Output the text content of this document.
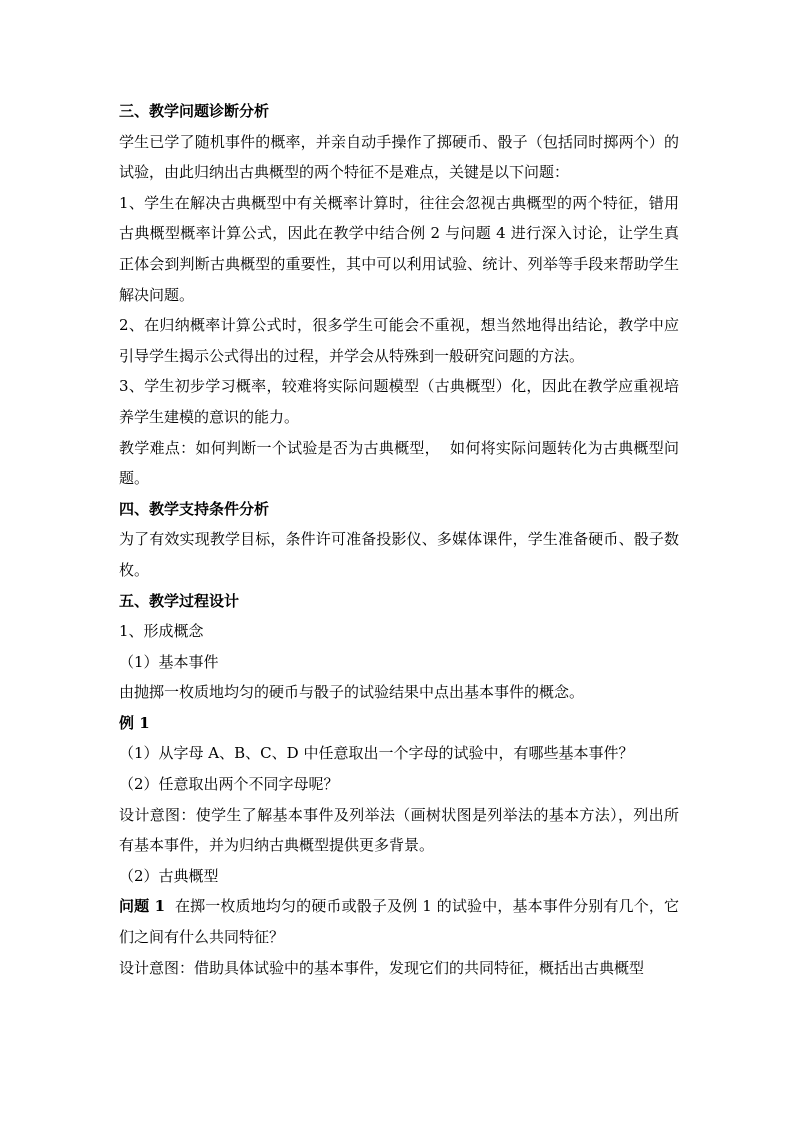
三、教学问题诊断分析

学生已学了随机事件的概率，并亲自动手操作了掷硬币、骰子（包括同时掷两个）的试验，由此归纳出古典概型的两个特征不是难点，关键是以下问题：

1、学生在解决古典概型中有关概率计算时，往往会忽视古典概型的两个特征，错用古典概型概率计算公式，因此在教学中结合例 2 与问题 4 进行深入讨论，让学生真正体会到判断古典概型的重要性，其中可以利用试验、统计、列举等手段来帮助学生解决问题。

2、在归纳概率计算公式时，很多学生可能会不重视，想当然地得出结论，教学中应引导学生揭示公式得出的过程，并学会从特殊到一般研究问题的方法。

3、学生初步学习概率，较难将实际问题模型（古典概型）化，因此在教学应重视培养学生建模的意识的能力。

教学难点：如何判断一个试验是否为古典概型，  如何将实际问题转化为古典概型问题。

四、教学支持条件分析

为了有效实现教学目标，条件许可准备投影仪、多媒体课件，学生准备硬币、骰子数枚。

五、教学过程设计

1、形成概念

（1）基本事件

由抛掷一枚质地均匀的硬币与骰子的试验结果中点出基本事件的概念。

例 1

（1）从字母 A、B、C、D 中任意取出一个字母的试验中，有哪些基本事件？

（2）任意取出两个不同字母呢？

设计意图：使学生了解基本事件及列举法（画树状图是列举法的基本方法），列出所有基本事件，并为归纳古典概型提供更多背景。

（2）古典概型

问题 1  在掷一枚质地均匀的硬币或骰子及例 1 的试验中，基本事件分别有几个，它们之间有什么共同特征？

设计意图：借助具体试验中的基本事件，发现它们的共同特征，概括出古典概型
